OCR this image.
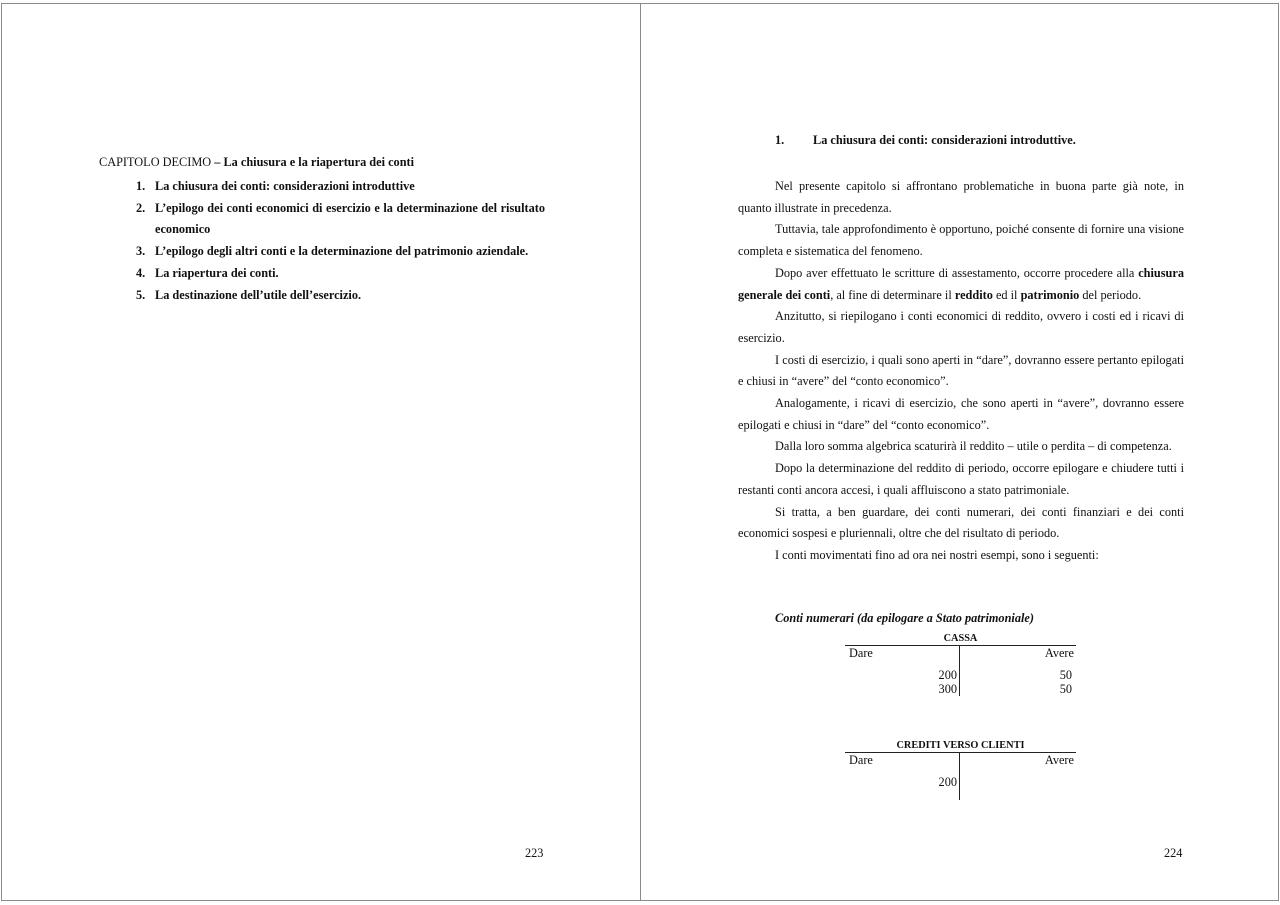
CAPITOLO DECIMO – La chiusura e la riapertura dei conti
1. La chiusura dei conti: considerazioni introduttive
2. L’epilogo dei conti economici di esercizio e la determinazione del risultato economico
3. L’epilogo degli altri conti e la determinazione del patrimonio aziendale.
4. La riapertura dei conti.
5. La destinazione dell’utile dell’esercizio.
223
1. La chiusura dei conti: considerazioni introduttive.

Nel presente capitolo si affrontano problematiche in buona parte già note, in quanto illustrate in precedenza.

Tuttavia, tale approfondimento è opportuno, poiché consente di fornire una visione completa e sistematica del fenomeno.

Dopo aver effettuato le scritture di assestamento, occorre procedere alla chiusura generale dei conti, al fine di determinare il reddito ed il patrimonio del periodo.

Anzitutto, si riepilogano i conti economici di reddito, ovvero i costi ed i ricavi di esercizio.

I costi di esercizio, i quali sono aperti in “dare”, dovranno essere pertanto epilogati e chiusi in “avere” del “conto economico”.

Analogamente, i ricavi di esercizio, che sono aperti in “avere”, dovranno essere epilogati e chiusi in “dare” del “conto economico”.

Dalla loro somma algebrica scaturirà il reddito – utile o perdita – di competenza.

Dopo la determinazione del reddito di periodo, occorre epilogare e chiudere tutti i restanti conti ancora accesi, i quali affluiscono a stato patrimoniale.

Si tratta, a ben guardare, dei conti numerari, dei conti finanziari e dei conti economici sospesi e pluriennali, oltre che del risultato di periodo.

I conti movimentati fino ad ora nei nostri esempi, sono i seguenti:

Conti numerari (da epilogare a Stato patrimoniale)
CASSA
Dare	Avere
200	50
300	50
CREDITI VERSO CLIENTI
Dare	Avere
200
224
